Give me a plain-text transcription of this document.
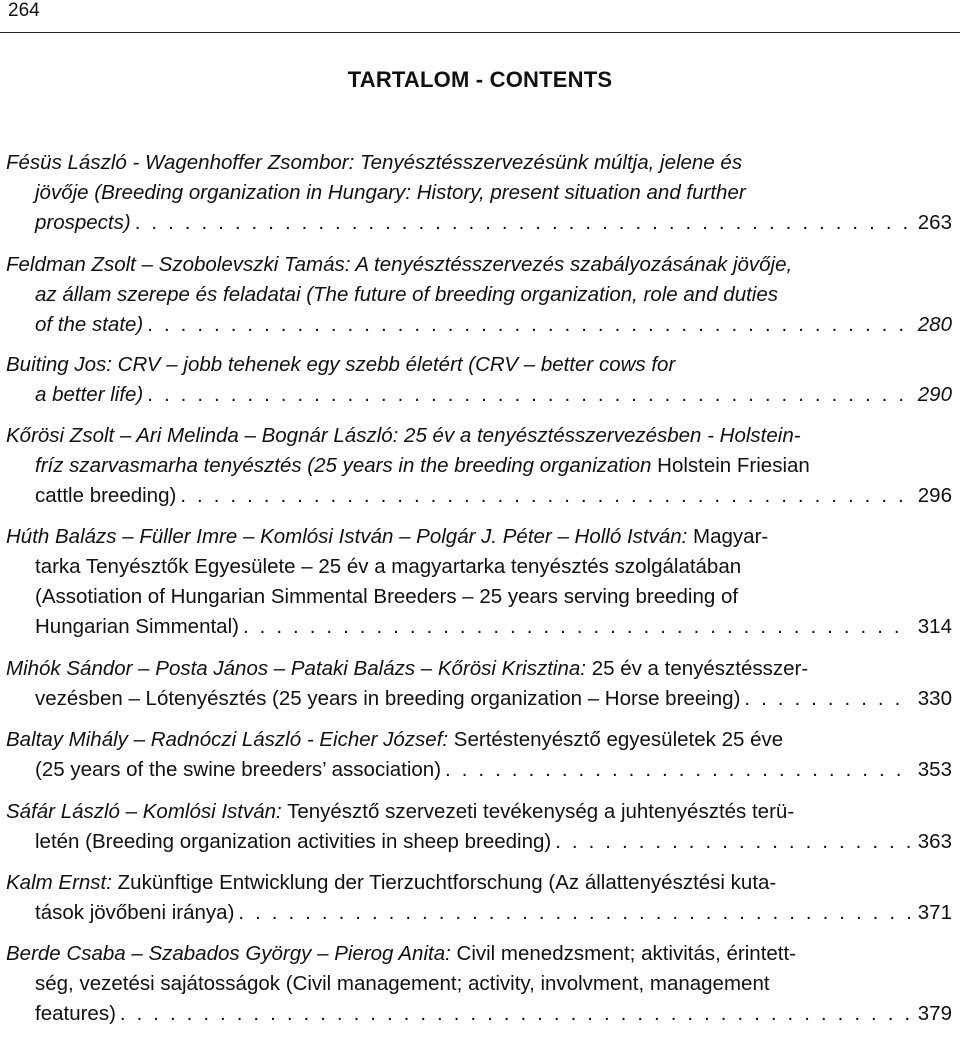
264
TARTALOM - CONTENTS
Fésüs László - Wagenhoffer Zsombor: Tenyésztésszervezésünk múltja, jelene és
jövője (Breeding organization in Hungary: History, present situation and further
prospects) . . .	263
Feldman Zsolt – Szobolevszki Tamás: A tenyésztésszervezés szabályozásának jövője,
az állam szerepe és feladatai (The future of breeding organization, role and duties
of the state) . . .	280
Buiting Jos: CRV – jobb tehenek egy szebb életért (CRV – better cows for
a better life) . . .	290
Kőrösi Zsolt – Ari Melinda – Bognár László: 25 év a tenyésztésszervezésben - Holstein-
fríz szarvasmarha tenyésztés (25 years in the breeding organization Holstein Friesian
cattle breeding) . . .	296
Húth Balázs – Füller Imre – Komlósi István – Polgár J. Péter – Holló István: Magyar-
tarka Tenyésztők Egyesülete – 25 év a magyartarka tenyésztés szolgálatában
(Assotiation of Hungarian Simmental Breeders – 25 years serving breeding of
Hungarian Simmental) . . .	314
Mihók Sándor – Posta János – Pataki Balázs – Kőrösi Krisztina: 25 év a tenyésztésszer-
vezésben – Lótenyésztés (25 years in breeding organization – Horse breeing) . . .	330
Baltay Mihály – Radnóczi László - Eicher József: Sertéstenyésztő egyesületek 25 éve
(25 years of the swine breeders’ association) . . .	353
Sáfár László – Komlósi István: Tenyésztő szervezeti tevékenység a juhtenyésztés terü-
letén (Breeding organization activities in sheep breeding) . . .	363
Kalm Ernst: Zukünftige Entwicklung der Tierzuchtforschung (Az állattenyésztési kuta-
tások jövőbeni iránya) . . .	371
Berde Csaba – Szabados György – Pierog Anita: Civil menedzsment; aktivitás, érintett-
ség, vezetési sajátosságok (Civil management; activity, involvment, management
features) . . .	379
